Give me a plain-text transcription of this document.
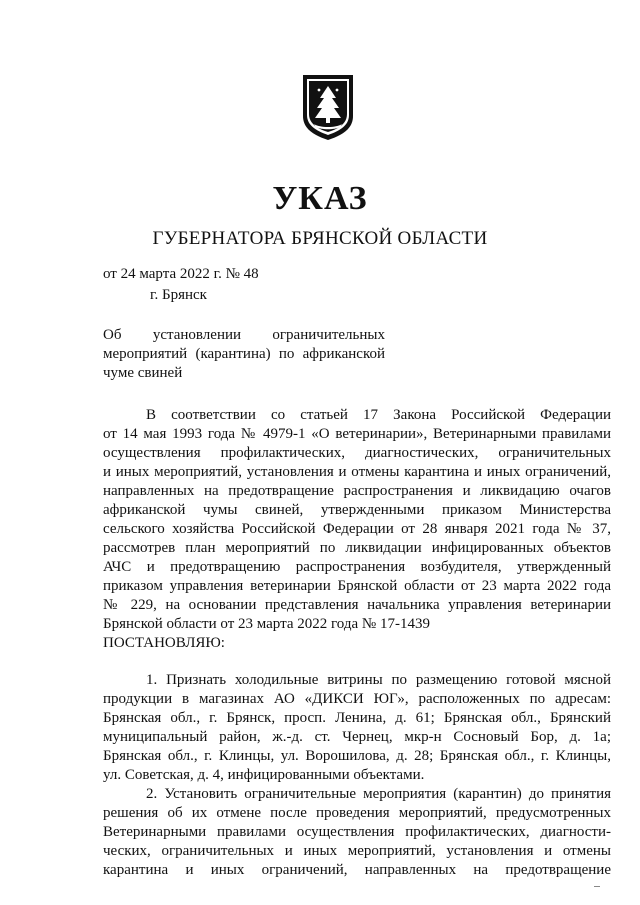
УКАЗ
ГУБЕРНАТОРА БРЯНСКОЙ ОБЛАСТИ
от 24 марта 2022 г. № 48
г. Брянск
Об установлении ограничительных
мероприятий (карантина) по африканской
чуме свиней
В соответствии со статьей 17 Закона Российской Федерации
от 14 мая 1993 года № 4979-1 «О ветеринарии», Ветеринарными правилами
осуществления профилактических, диагностических, ограничительных
и иных мероприятий, установления и отмены карантина и иных ограничений,
направленных на предотвращение распространения и ликвидацию очагов
африканской чумы свиней, утвержденными приказом Министерства
сельского хозяйства Российской Федерации от 28 января 2021 года № 37,
рассмотрев план мероприятий по ликвидации инфицированных объектов
АЧС и предотвращению распространения возбудителя, утвержденный
приказом управления ветеринарии Брянской области от 23 марта 2022 года
№ 229, на основании представления начальника управления ветеринарии
Брянской области от 23 марта 2022 года № 17-1439
ПОСТАНОВЛЯЮ:
1. Признать холодильные витрины по размещению готовой мясной
продукции в магазинах АО «ДИКСИ ЮГ», расположенных по адресам:
Брянская обл., г. Брянск, просп. Ленина, д. 61; Брянская обл., Брянский
муниципальный район, ж.-д. ст. Чернец, мкр-н Сосновый Бор, д. 1а;
Брянская обл., г. Клинцы, ул. Ворошилова, д. 28; Брянская обл., г. Клинцы,
ул. Советская, д. 4, инфицированными объектами.
2. Установить ограничительные мероприятия (карантин) до принятия
решения об их отмене после проведения мероприятий, предусмотренных
Ветеринарными правилами осуществления профилактических, диагности-
ческих, ограничительных и иных мероприятий, установления и отмены
карантина и иных ограничений, направленных на предотвращение
